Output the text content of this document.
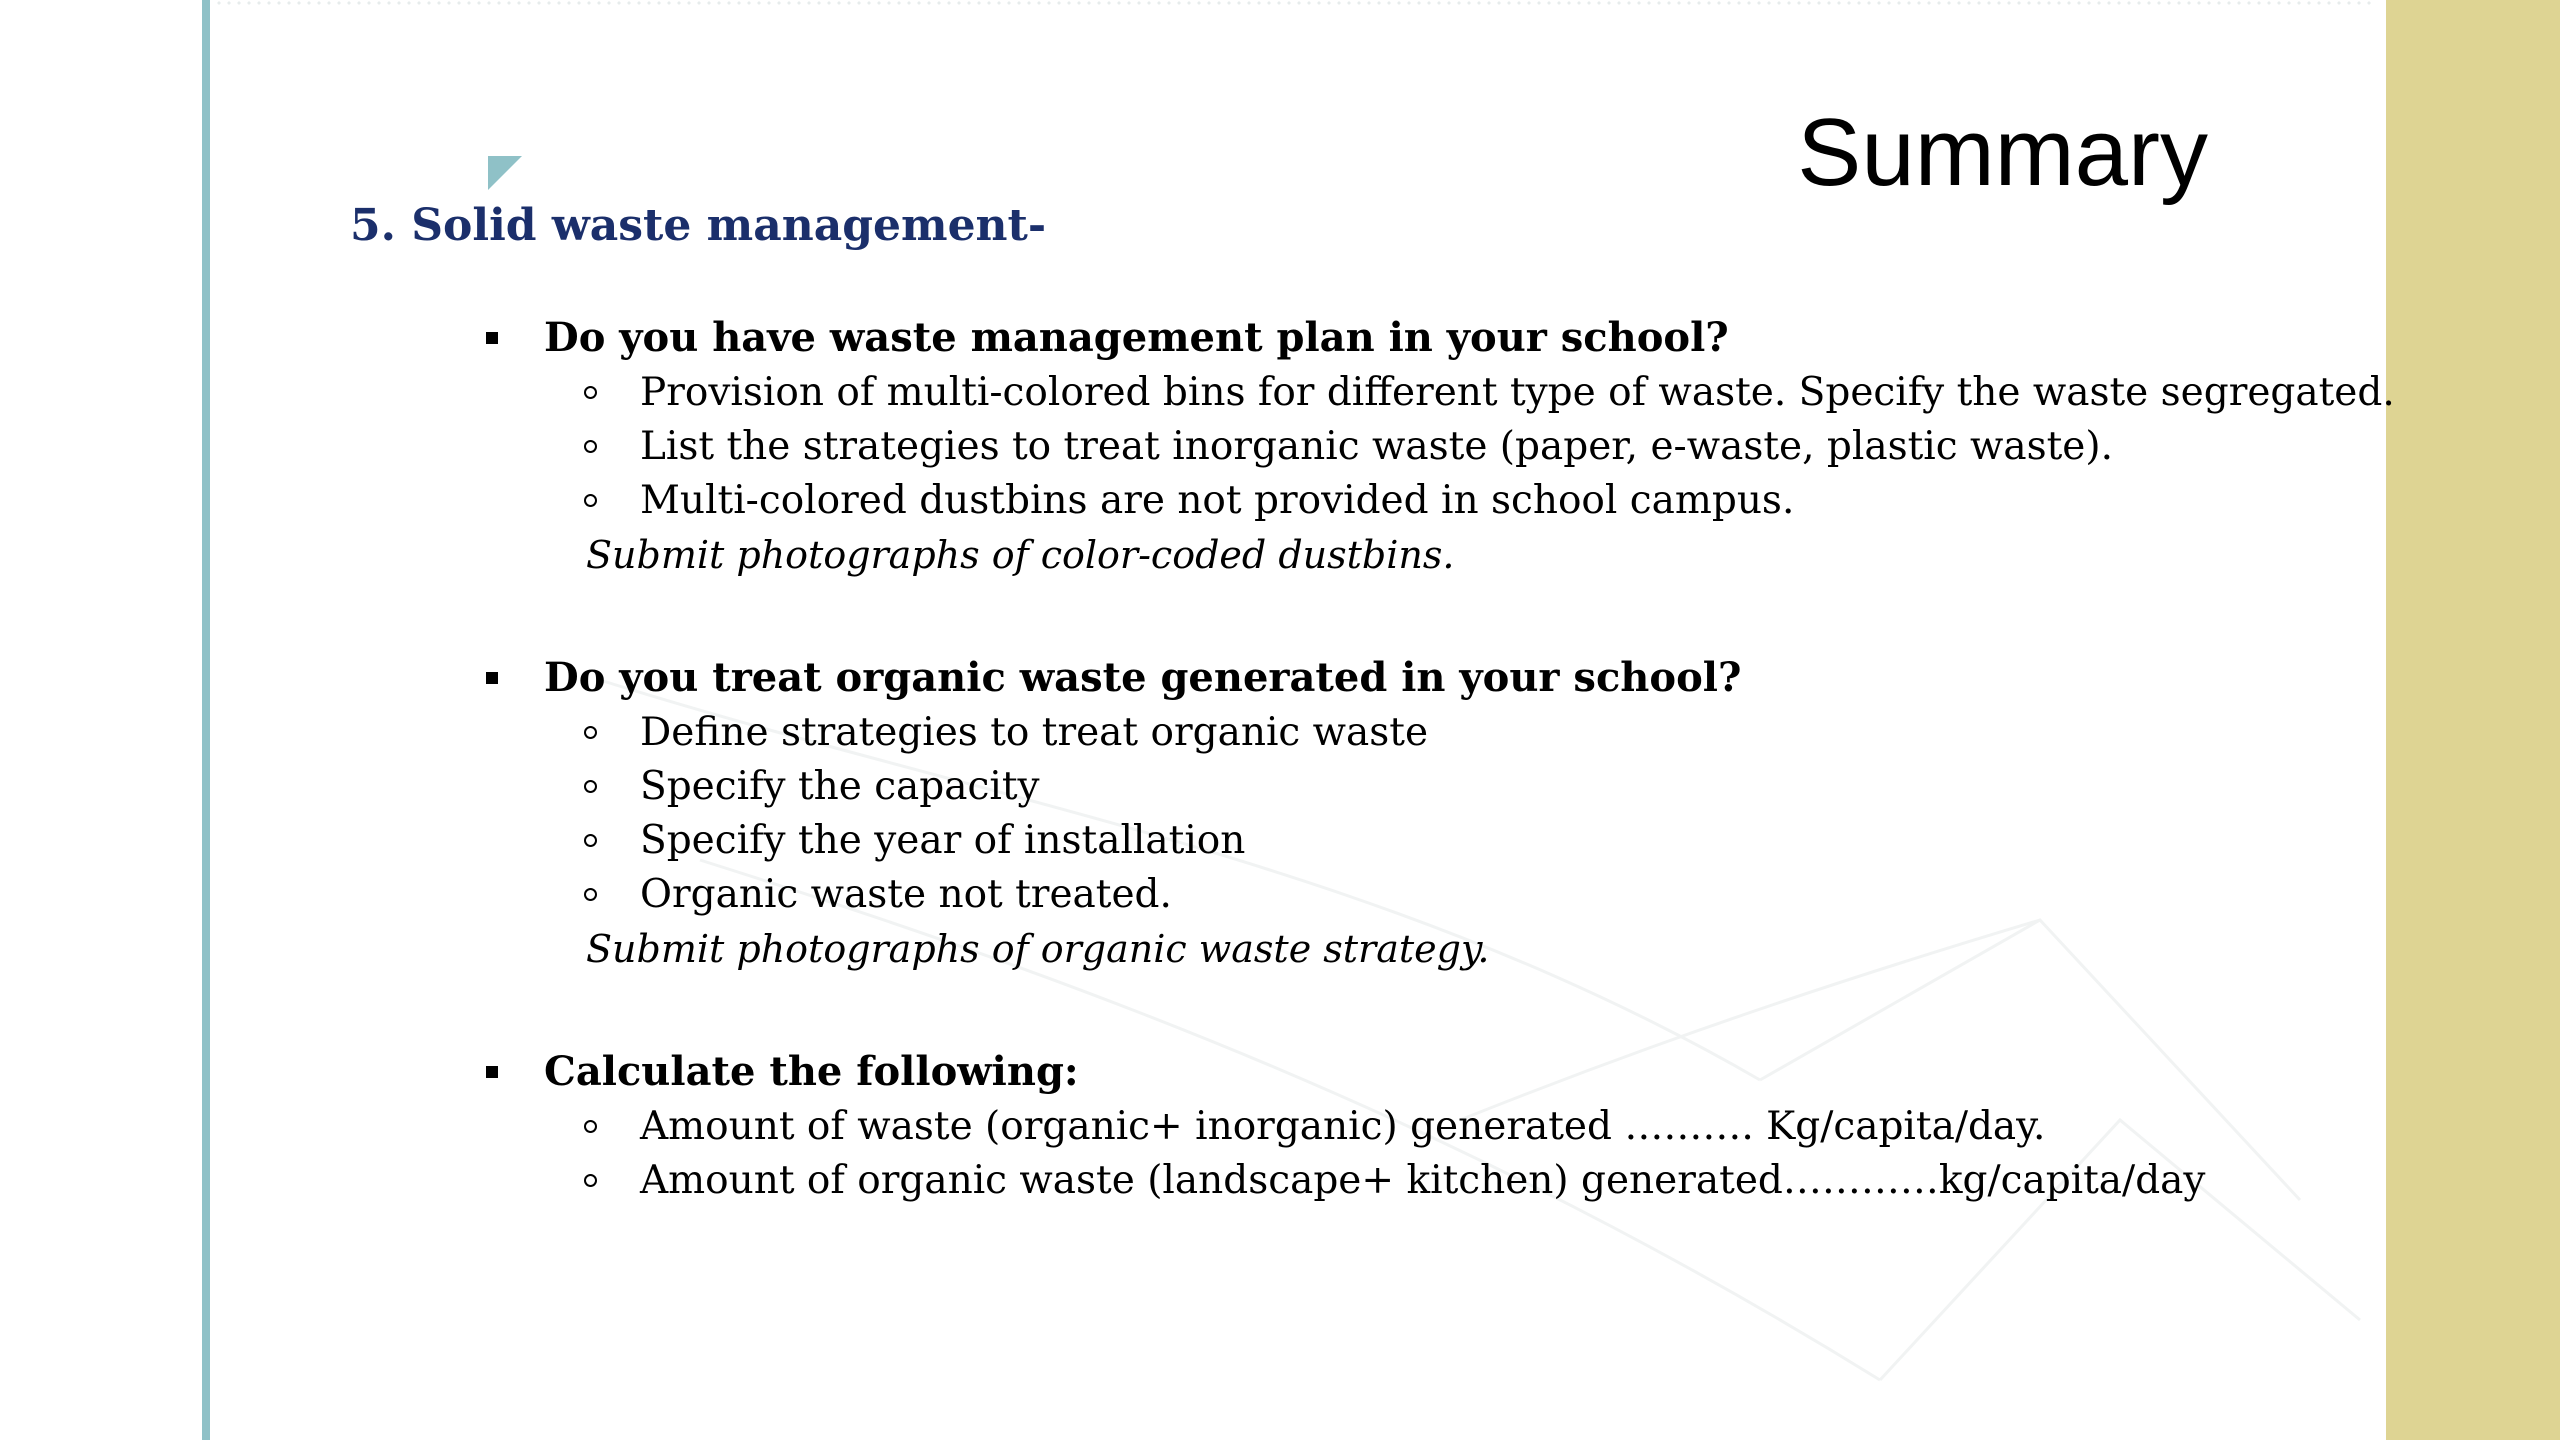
Summary
5. Solid waste management-
Do you have waste management plan in your school?
Provision of multi-colored bins for different type of waste. Specify the waste segregated.
List the strategies to treat inorganic waste (paper, e-waste, plastic waste).
Multi-colored dustbins are not provided in school campus.
Submit photographs of color-coded dustbins.
Do you treat organic waste generated in your school?
Define strategies to treat organic waste
Specify the capacity
Specify the year of installation
Organic waste not treated.
Submit photographs of organic waste strategy.
Calculate the following:
Amount of waste (organic+ inorganic) generated ………. Kg/capita/day.
Amount of organic waste (landscape+ kitchen) generated…………kg/capita/day
